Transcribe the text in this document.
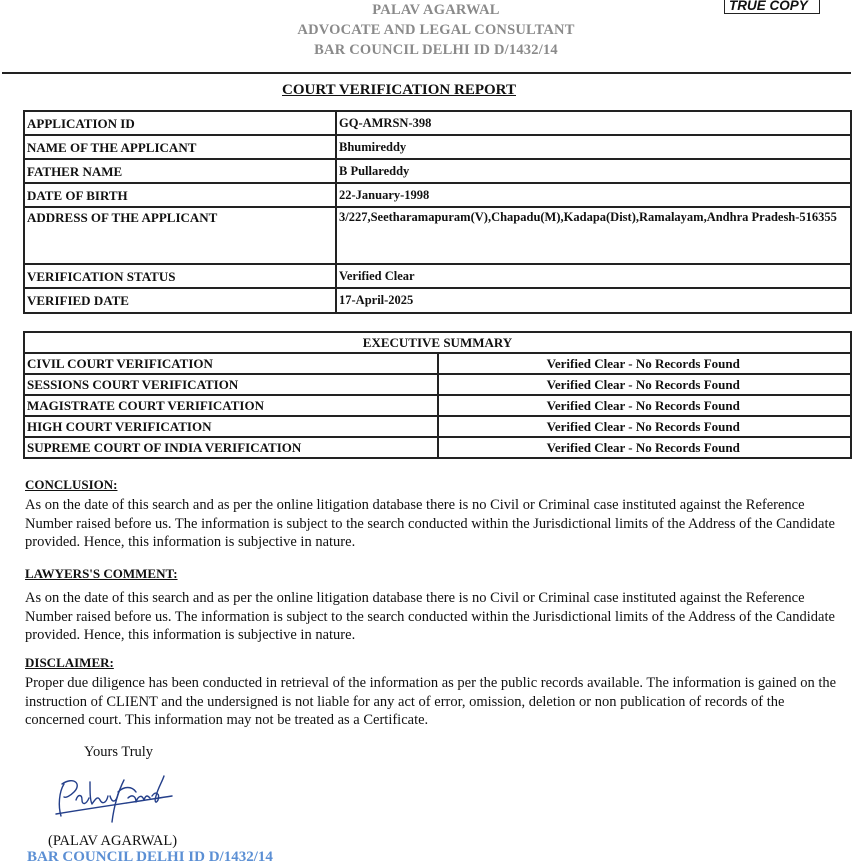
PALAV AGARWAL
ADVOCATE AND LEGAL CONSULTANT
BAR COUNCIL DELHI ID D/1432/14
TRUE COPY
COURT VERIFICATION REPORT
APPLICATION ID	GQ-AMRSN-398
NAME OF THE APPLICANT	Bhumireddy
FATHER NAME	B Pullareddy
DATE OF BIRTH	22-January-1998
ADDRESS OF THE APPLICANT	3/227,Seetharamapuram(V),Chapadu(M),Kadapa(Dist),Ramalayam,Andhra Pradesh-516355
VERIFICATION STATUS	Verified Clear
VERIFIED DATE	17-April-2025
EXECUTIVE SUMMARY	
CIVIL COURT VERIFICATION	Verified Clear - No Records Found
SESSIONS COURT VERIFICATION	Verified Clear - No Records Found
MAGISTRATE COURT VERIFICATION	Verified Clear - No Records Found
HIGH COURT VERIFICATION	Verified Clear - No Records Found
SUPREME COURT OF INDIA VERIFICATION	Verified Clear - No Records Found
CONCLUSION:
As on the date of this search and as per the online litigation database there is no Civil or Criminal case instituted against the Reference Number raised before us. The information is subject to the search conducted within the Jurisdictional limits of the Address of the Candidate provided. Hence, this information is subjective in nature.
LAWYERS'S COMMENT:
As on the date of this search and as per the online litigation database there is no Civil or Criminal case instituted against the Reference Number raised before us. The information is subject to the search conducted within the Jurisdictional limits of the Address of the Candidate provided. Hence, this information is subjective in nature.
DISCLAIMER:
Proper due diligence has been conducted in retrieval of the information as per the public records available. The information is gained on the instruction of CLIENT and the undersigned is not liable for any act of error, omission, deletion or non publication of records of the concerned court. This information may not be treated as a Certificate.
Yours Truly
(PALAV AGARWAL)
BAR COUNCIL DELHI ID D/1432/14
